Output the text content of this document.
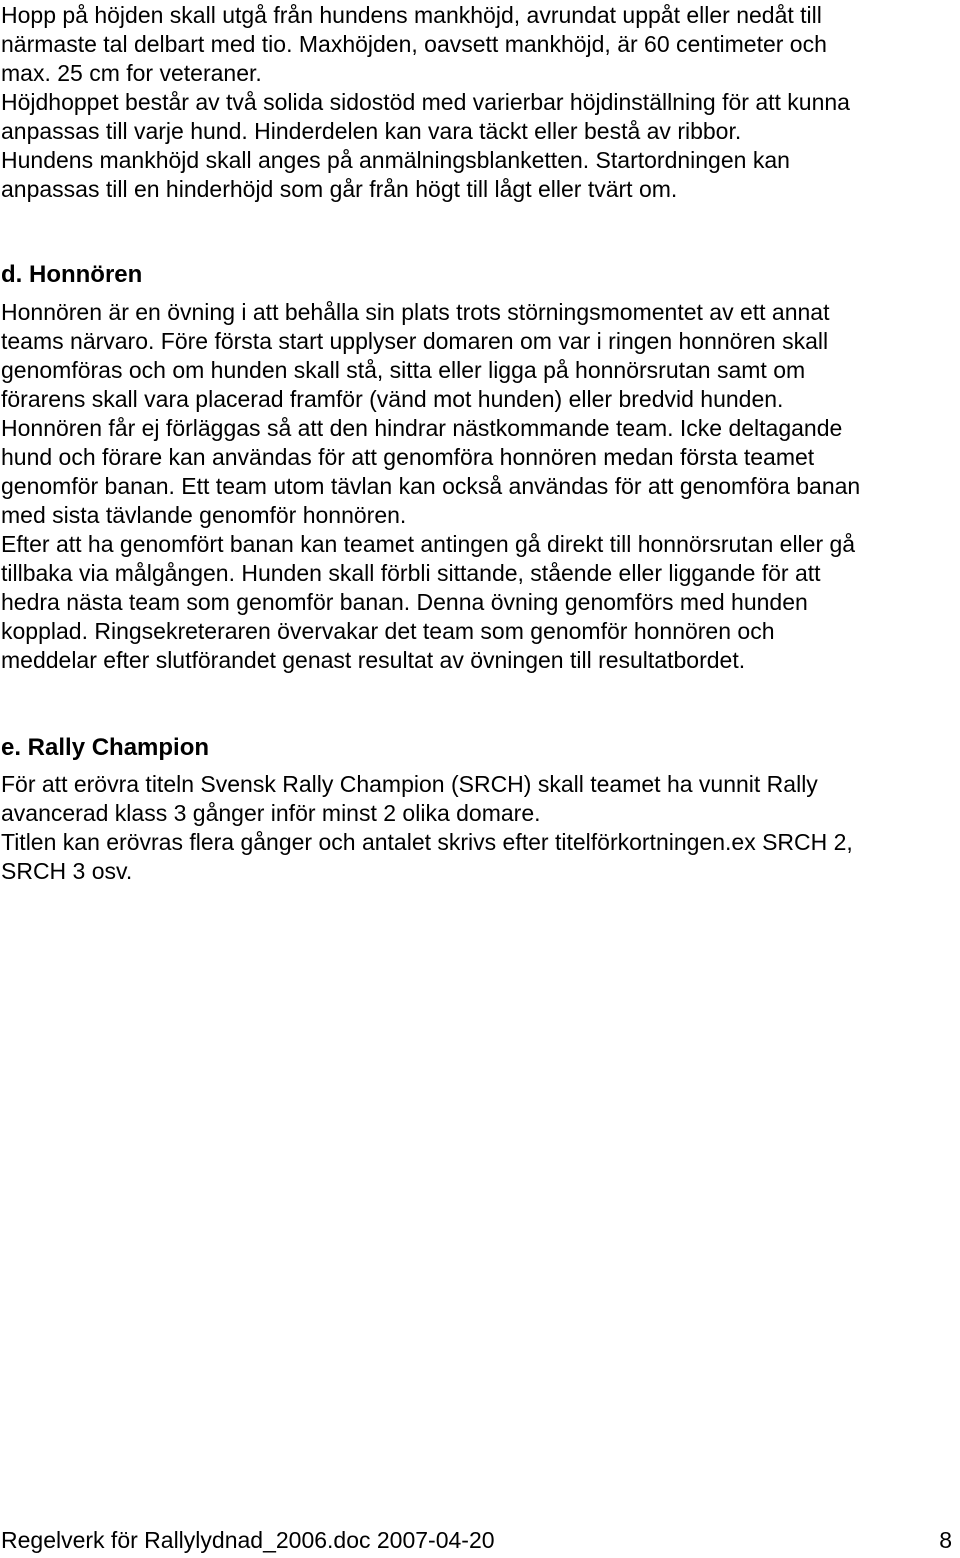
Hopp på höjden skall utgå från hundens mankhöjd, avrundat uppåt eller nedåt till
närmaste tal delbart med tio. Maxhöjden, oavsett mankhöjd, är 60 centimeter och
max. 25 cm for veteraner.
Höjdhoppet består av två solida sidostöd med varierbar höjdinställning för att kunna
anpassas till varje hund. Hinderdelen kan vara täckt eller bestå av ribbor.
Hundens mankhöjd skall anges på anmälningsblanketten. Startordningen kan
anpassas till en hinderhöjd som går från högt till lågt eller tvärt om.
d. Honnören
Honnören är en övning i att behålla sin plats trots störningsmomentet av ett annat
teams närvaro. Före första start upplyser domaren om var i ringen honnören skall
genomföras och om hunden skall stå, sitta eller ligga på honnörsrutan samt om
förarens skall vara placerad framför (vänd mot hunden) eller bredvid hunden.
Honnören får ej förläggas så att den hindrar nästkommande team. Icke deltagande
hund och förare kan användas för att genomföra honnören medan första teamet
genomför banan. Ett team utom tävlan kan också användas för att genomföra banan
med sista tävlande genomför honnören.
Efter att ha genomfört banan kan teamet antingen gå direkt till honnörsrutan eller gå
tillbaka via målgången. Hunden skall förbli sittande, stående eller liggande för att
hedra nästa team som genomför banan. Denna övning genomförs med hunden
kopplad. Ringsekreteraren övervakar det team som genomför honnören och
meddelar efter slutförandet genast resultat av övningen till resultatbordet.
e. Rally Champion
För att erövra titeln Svensk Rally Champion (SRCH) skall teamet ha vunnit Rally
avancerad klass 3 gånger inför minst 2 olika domare.
Titlen kan erövras flera gånger och antalet skrivs efter titelförkortningen.ex SRCH 2,
SRCH 3 osv.
Regelverk för Rallylydnad_2006.doc 2007-04-20	8
